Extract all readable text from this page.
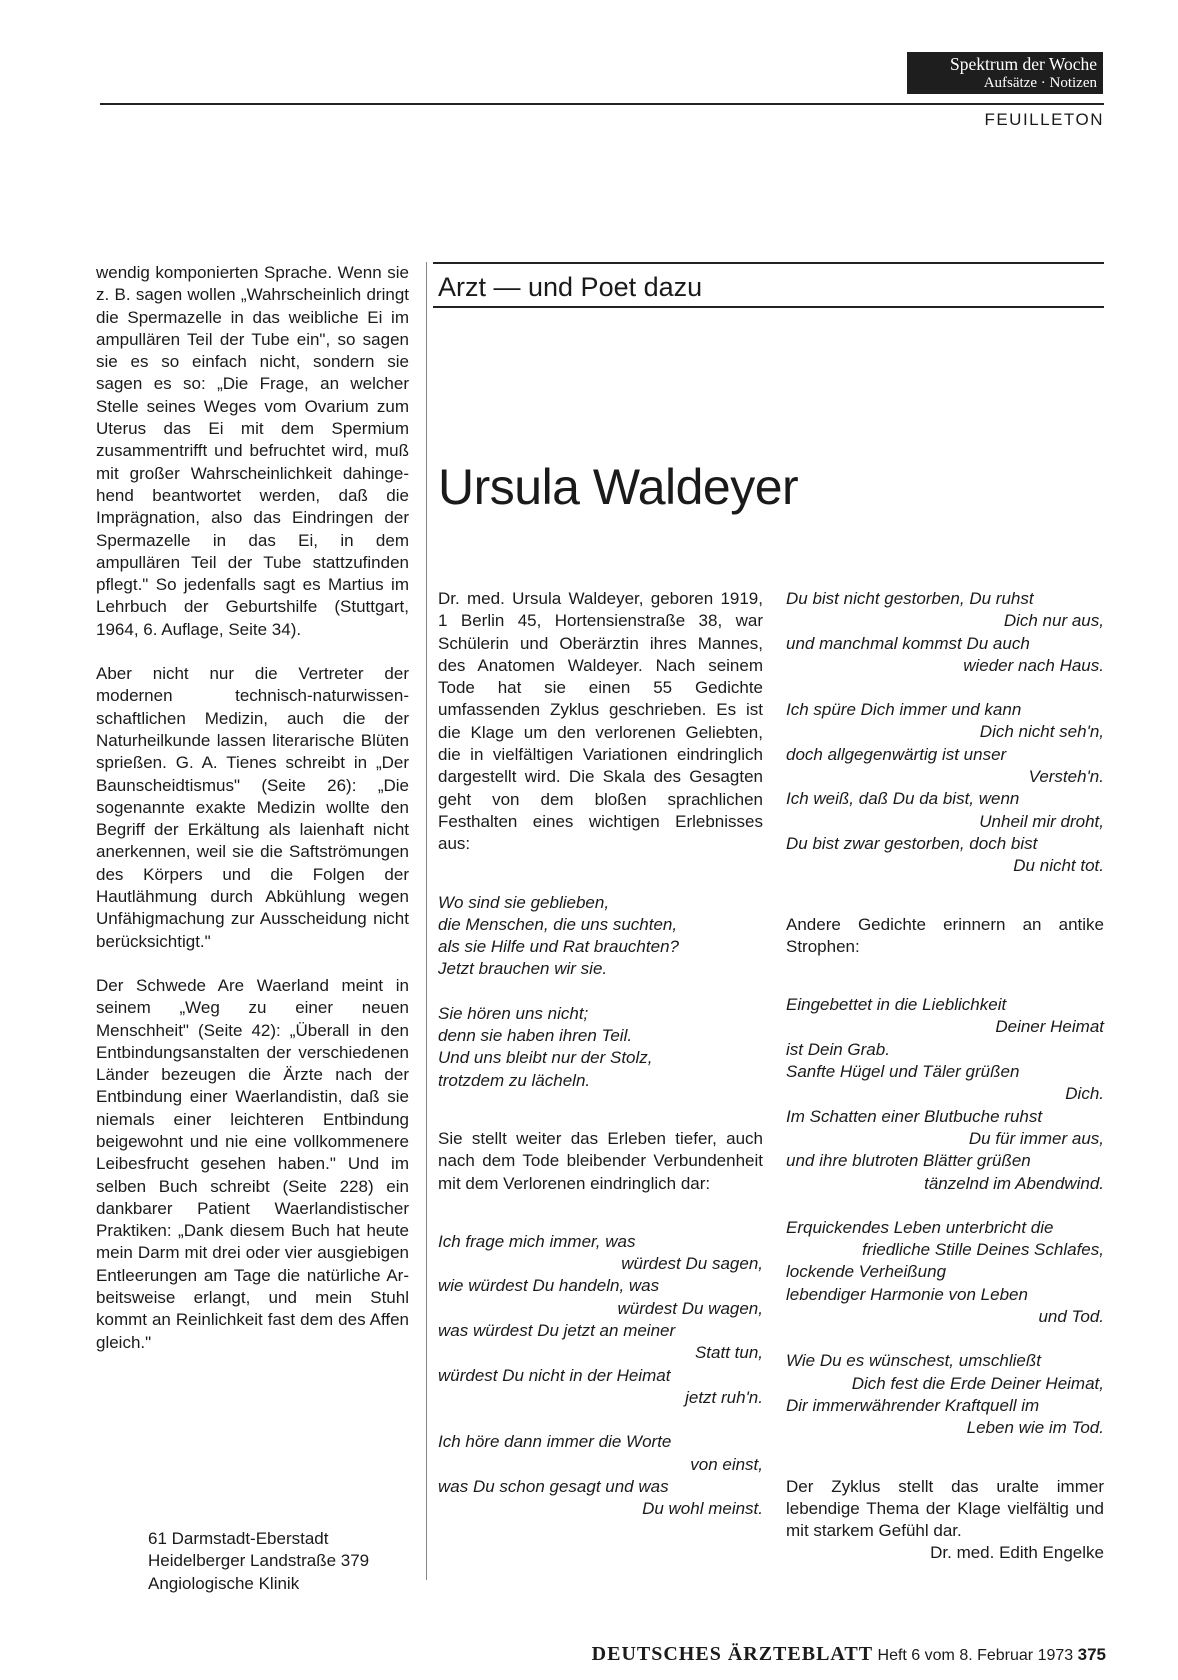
Spektrum der Woche
Aufsätze · Notizen
FEUILLETON

wendig komponierten Sprache. Wenn sie z. B. sagen wollen „Wahrscheinlich dringt die Spermazelle in das weibliche Ei im ampullären Teil der Tube ein", so sagen sie es so einfach nicht, sondern sie sagen es so: „Die Frage, an welcher Stelle seines Weges vom Ovarium zum Uterus das Ei mit dem Spermium zusammentrifft und befruchtet wird, muß mit großer Wahrscheinlichkeit dahingehend beantwortet werden, daß die Imprägnation, also das Eindringen der Spermazelle in das Ei, in dem ampullären Teil der Tube stattzufinden pflegt." So jedenfalls sagt es Martius im Lehrbuch der Geburtshilfe (Stuttgart, 1964, 6. Auflage, Seite 34).

Aber nicht nur die Vertreter der modernen technisch-naturwissenschaftlichen Medizin, auch die der Naturheilkunde lassen literarische Blüten sprießen. G. A. Tienes schreibt in „Der Baunscheidtismus" (Seite 26): „Die sogenannte exakte Medizin wollte den Begriff der Erkältung als laienhaft nicht anerkennen, weil sie die Saftströmungen des Körpers und die Folgen der Hautlähmung durch Abkühlung wegen Unfähigmachung zur Ausscheidung nicht berücksichtigt."

Der Schwede Are Waerland meint in seinem „Weg zu einer neuen Menschheit" (Seite 42): „Überall in den Entbindungsanstalten der verschiedenen Länder bezeugen die Ärzte nach der Entbindung einer Waerlandistin, daß sie niemals einer leichteren Entbindung beigewohnt und nie eine vollkommenere Leibesfrucht gesehen haben." Und im selben Buch schreibt (Seite 228) ein dankbarer Patient Waerlandistischer Praktiken: „Dank diesem Buch hat heute mein Darm mit drei oder vier ausgiebigen Entleerungen am Tage die natürliche Arbeitsweise erlangt, und mein Stuhl kommt an Reinlichkeit fast dem des Affen gleich."

61 Darmstadt-Eberstadt
Heidelberger Landstraße 379
Angiologische Klinik
Arzt — und Poet dazu
Ursula Waldeyer

Dr. med. Ursula Waldeyer, geboren 1919, 1 Berlin 45, Hortensienstraße 38, war Schülerin und Oberärztin ihres Mannes, des Anatomen Waldeyer. Nach seinem Tode hat sie einen 55 Gedichte umfassenden Zyklus geschrieben. Es ist die Klage um den verlorenen Geliebten, die in vielfältigen Variationen eindringlich dargestellt wird. Die Skala des Gesagten geht von dem bloßen sprachlichen Festhalten eines wichtigen Erlebnisses aus:

Wo sind sie geblieben,
die Menschen, die uns suchten,
als sie Hilfe und Rat brauchten?
Jetzt brauchen wir sie.
Sie hören uns nicht;
denn sie haben ihren Teil.
Und uns bleibt nur der Stolz,
trotzdem zu lächeln.

Sie stellt weiter das Erleben tiefer, auch nach dem Tode bleibender Verbundenheit mit dem Verlorenen eindringlich dar:

Ich frage mich immer, was
würdest Du sagen,
wie würdest Du handeln, was
würdest Du wagen,
was würdest Du jetzt an meiner
Statt tun,
würdest Du nicht in der Heimat
jetzt ruh'n.
Ich höre dann immer die Worte
von einst,
was Du schon gesagt und was
Du wohl meinst.
Du bist nicht gestorben, Du ruhst
Dich nur aus,
und manchmal kommst Du auch
wieder nach Haus.
Ich spüre Dich immer und kann
Dich nicht seh'n,
doch allgegenwärtig ist unser
Versteh'n.
Ich weiß, daß Du da bist, wenn
Unheil mir droht,
Du bist zwar gestorben, doch bist
Du nicht tot.

Andere Gedichte erinnern an antike Strophen:

Eingebettet in die Lieblichkeit
Deiner Heimat
ist Dein Grab.
Sanfte Hügel und Täler grüßen
Dich.
Im Schatten einer Blutbuche ruhst
Du für immer aus,
und ihre blutroten Blätter grüßen
tänzelnd im Abendwind.
Erquickendes Leben unterbricht die
friedliche Stille Deines Schlafes,
lockende Verheißung
lebendiger Harmonie von Leben
und Tod.
Wie Du es wünschest, umschließt
Dich fest die Erde Deiner Heimat,
Dir immerwährender Kraftquell im
Leben wie im Tod.

Der Zyklus stellt das uralte immer lebendige Thema der Klage vielfältig und mit starkem Gefühl dar.

Dr. med. Edith Engelke

DEUTSCHES ÄRZTEBLATT Heft 6 vom 8. Februar 1973 375
